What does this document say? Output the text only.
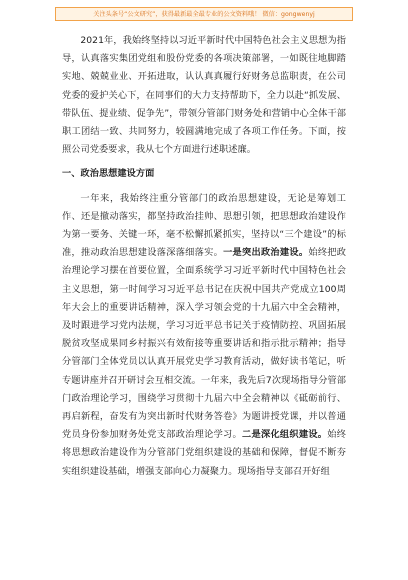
关注头条号“公文研究”，获得最新最全最专业的公文资料哦！ 微信：gongwenyj

2021年，我始终坚持以习近平新时代中国特色社会主义思想为指导，认真落实集团党组和股份党委的各项决策部署，一如既往地脚踏实地、兢兢业业、开拓进取，认认真真履行好财务总监职责，在公司党委的爱护关心下，在同事们的大力支持帮助下，全力以赴“抓发展、带队伍、提业绩、促争先”，带领分管部门财务处和营销中心全体干部职工团结一致、共同努力，较圆满地完成了各项工作任务。下面，按照公司党委要求，我从七个方面进行述职述廉。

一、政治思想建设方面

一年来，我始终注重分管部门的政治思想建设，无论是筹划工作、还是撤动落实，都坚持政治挂帅、思想引领，把思想政治建设作为第一要务、关键一环，毫不松懈抓紧抓实，坚持以“三个建设”的标准，推动政治思想建设落深落细落实。一是突出政治建设。始终把政治理论学习摆在首要位置，全面系统学习习近平新时代中国特色社会主义思想，第一时间学习习近平总书记在庆祝中国共产党成立100周年大会上的重要讲话精神，深入学习领会党的十九届六中全会精神，及时跟进学习党内法规，学习习近平总书记关于疫情防控、巩固拓展脱贫攻坚成果同乡村振兴有效衔接等重要讲话和指示批示精神；指导分管部门全体党员以认真开展党史学习教育活动，做好读书笔记，听专题讲座并召开研讨会互相交流。一年来，我先后7次现场指导分管部门政治理论学习，围绕学习贯彻十九届六中全会精神以《砥砺前行、再启新程，奋发有为突出新时代财务答卷》为题讲授党课，并以普通党员身份参加财务处党支部政治理论学习。二是深化组织建设。始终将思想政治建设作为分管部门党组织建设的基础和保障，督促不断夯实组织建设基础，增强支部向心力凝聚力。现场指导支部召开好组
